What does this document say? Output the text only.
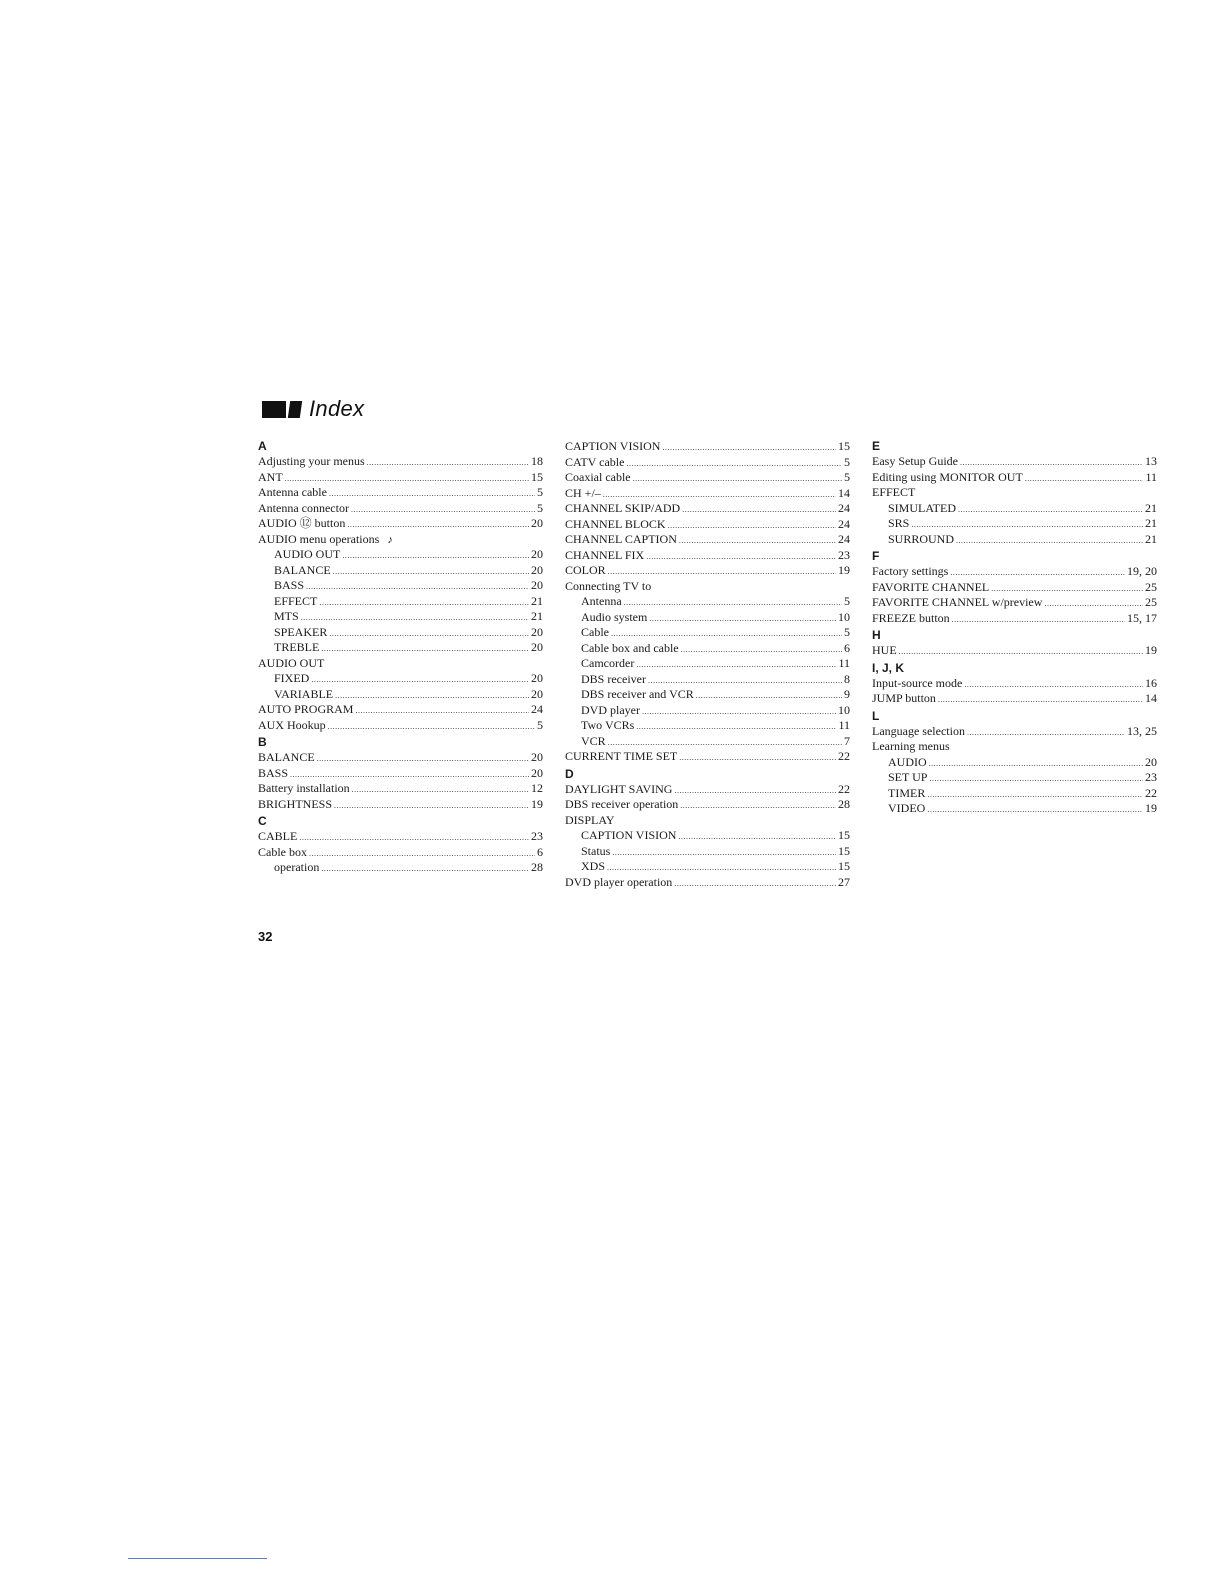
Index
A
Adjusting your menus .....	18
ANT .....	15
Antenna cable .....	5
Antenna connector .....	5
AUDIO ⑫ button .....	20
AUDIO menu operations ♪
AUDIO OUT .....	20
BALANCE .....	20
BASS .....	20
EFFECT .....	21
MTS .....	21
SPEAKER .....	20
TREBLE .....	20
AUDIO OUT
FIXED .....	20
VARIABLE .....	20
AUTO PROGRAM .....	24
AUX Hookup .....	5
B
BALANCE .....	20
BASS .....	20
Battery installation .....	12
BRIGHTNESS .....	19
C
CABLE .....	23
Cable box .....	6
operation .....	28
CAPTION VISION .....	15
CATV cable .....	5
Coaxial cable .....	5
CH +/– .....	14
CHANNEL SKIP/ADD .....	24
CHANNEL BLOCK .....	24
CHANNEL CAPTION .....	24
CHANNEL FIX .....	23
COLOR .....	19
Connecting TV to
Antenna .....	5
Audio system .....	10
Cable .....	5
Cable box and cable .....	6
Camcorder .....	11
DBS receiver .....	8
DBS receiver and VCR .....	9
DVD player .....	10
Two VCRs .....	11
VCR .....	7
CURRENT TIME SET .....	22
D
DAYLIGHT SAVING .....	22
DBS receiver operation .....	28
DISPLAY
CAPTION VISION .....	15
Status .....	15
XDS .....	15
DVD player operation .....	27
E
Easy Setup Guide .....	13
Editing using MONITOR OUT .....	11
EFFECT
SIMULATED .....	21
SRS .....	21
SURROUND .....	21
F
Factory settings .....	19, 20
FAVORITE CHANNEL .....	25
FAVORITE CHANNEL w/preview .....	25
FREEZE button .....	15, 17
H
HUE .....	19
I, J, K
Input-source mode .....	16
JUMP button .....	14
L
Language selection .....	13, 25
Learning menus
AUDIO .....	20
SET UP .....	23
TIMER .....	22
VIDEO .....	19
32
